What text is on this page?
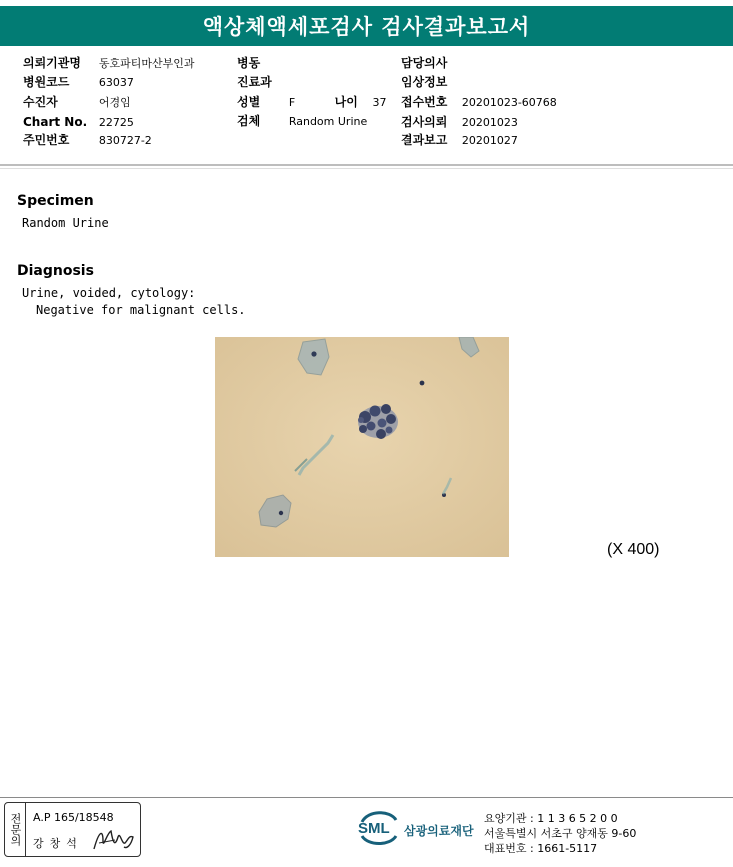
액상체액세포검사 검사결과보고서
의뢰기관명 동호파티마산부인과
병원코드	63037
수진자	어경임
Chart No. 22725
주민번호	830727-2
병동
진료과
성별	F	나이 37
검체	Random Urine
담당의사
임상정보
접수번호 20201023-60768
검사의뢰 20201023
결과보고 20201027
Specimen
Random Urine
Diagnosis
Urine, voided, cytology:
Negative for malignant cells.
(X 400)
전문의	A.P 165/18548
강창석
SML 삼광의료재단
요양기관 : 1 1 3 6 5 2 0 0
서울특별시 서초구 양재동 9-60
대표번호 : 1661-5117
